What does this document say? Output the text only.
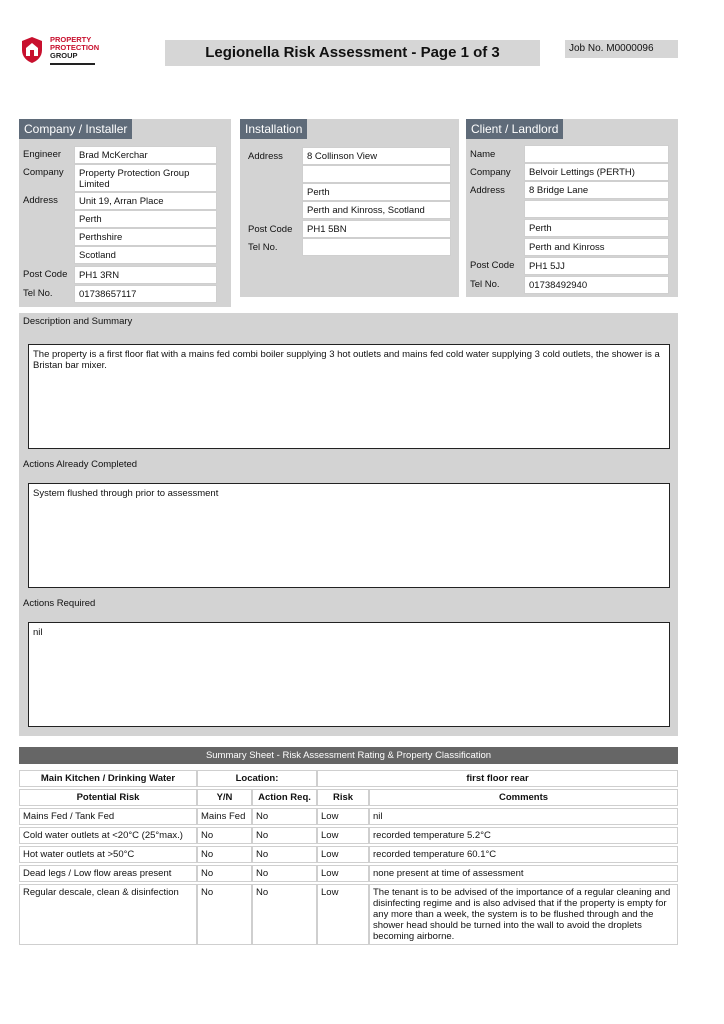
PROPERTY
PROTECTION
GROUP	Legionella Risk Assessment - Page 1 of 3	Job No. M0000096
Company / Installer
Engineer	Brad McKerchar
Company	Property Protection Group Limited
Address	Unit 19, Arran Place
Perth
Perthshire
Scotland
Post Code	PH1 3RN
Tel No.	01738657117
Installation
Address	8 Collinson View
Perth
Perth and Kinross, Scotland
Post Code	PH1 5BN
Tel No.
Client / Landlord
Name
Company	Belvoir Lettings (PERTH)
Address	8 Bridge Lane
Perth
Perth and Kinross
Post Code	PH1 5JJ
Tel No.	01738492940
Description and Summary
The property is a first floor flat with a mains fed combi boiler supplying 3 hot outlets and mains fed cold water supplying 3 cold outlets, the shower is a Bristan bar mixer.
Actions Already Completed
System flushed through prior to assessment
Actions Required
nil
Summary Sheet - Risk Assessment Rating & Property Classification
Main Kitchen / Drinking Water	Location:		first floor rear	
Potential Risk	Y/N	Action Req.	Risk	Comments
Mains Fed / Tank Fed	Mains Fed	No	Low	nil
Cold water outlets at <20°C (25°max.)	No	No	Low	recorded temperature 5.2°C
Hot water outlets at >50°C	No	No	Low	recorded temperature 60.1°C
Dead legs / Low flow areas present	No	No	Low	none present at time of assessment
Regular descale, clean & disinfection	No	No	Low	The tenant is to be advised of the importance of a regular cleaning and disinfecting regime and is also advised that if the property is empty for any more than a week, the system is to be flushed through and the shower head should be turned into the wall to avoid the droplets becoming airborne.
